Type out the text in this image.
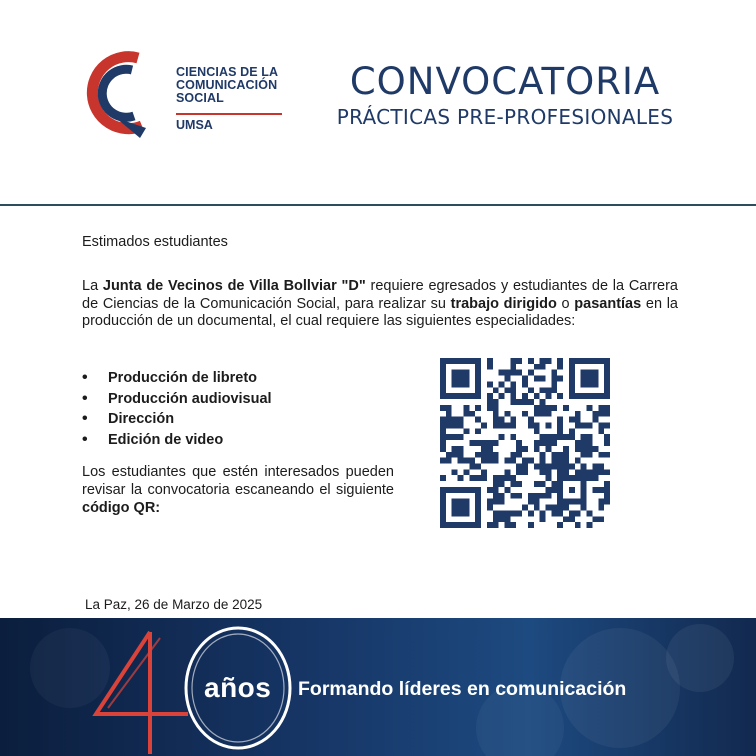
CIENCIAS DE LA
COMUNICACIÓN
SOCIAL
UMSA
CONVOCATORIA
PRÁCTICAS PRE-PROFESIONALES
Estimados estudiantes

La Junta de Vecinos de Villa Bollviar "D" requiere egresados y estudiantes de la Carrera de Ciencias de la Comunicación Social, para realizar su trabajo dirigido o pasantías en la producción de un documental, el cual requiere las siguientes especialidades:

• Producción de libreto
• Producción audiovisual
• Dirección
• Edición de video

Los estudiantes que estén interesados pueden revisar la convocatoria escaneando el siguiente código QR:

La Paz, 26 de Marzo de 2025
años Formando líderes en comunicación
